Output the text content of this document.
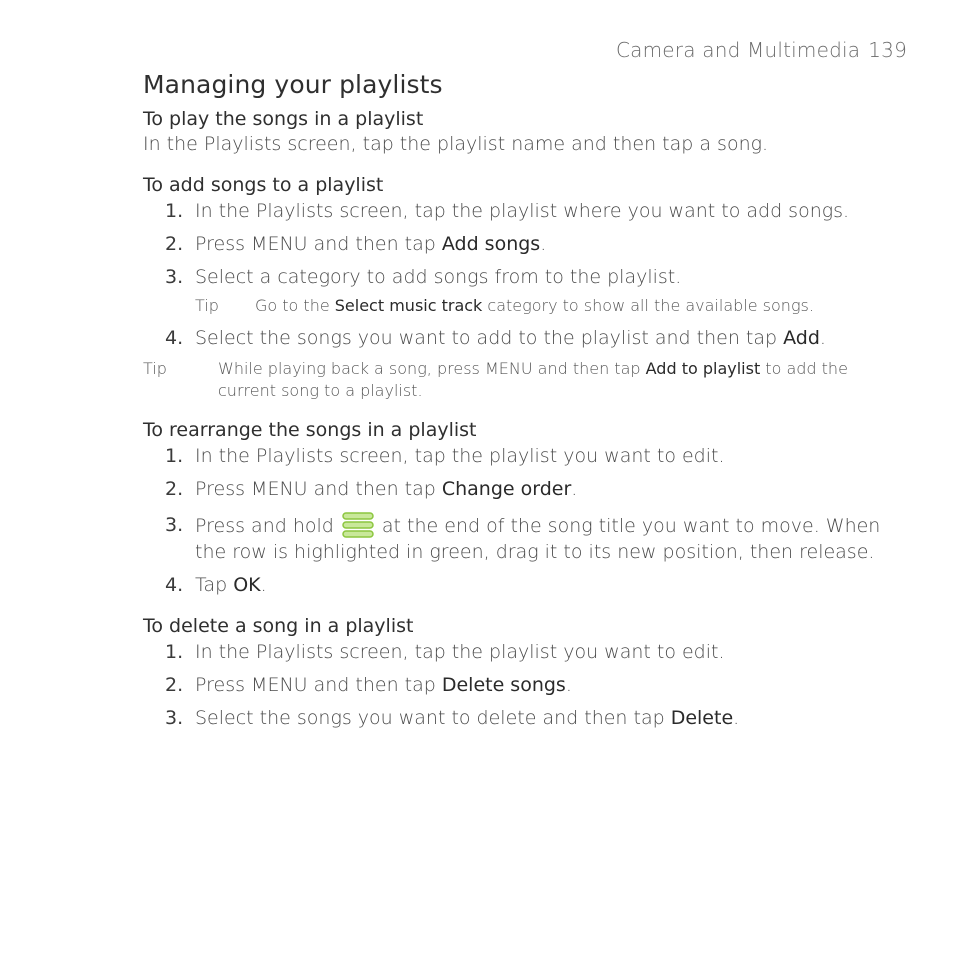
Camera and Multimedia 139
Managing your playlists
To play the songs in a playlist

In the Playlists screen, tap the playlist name and then tap a song.

To add songs to a playlist
1. In the Playlists screen, tap the playlist where you want to add songs.
2. Press MENU and then tap Add songs.
3. Select a category to add songs from to the playlist.
Tip Go to the Select music track category to show all the available songs.
4. Select the songs you want to add to the playlist and then tap Add.
Tip	While playing back a song, press MENU and then tap Add to playlist to add the current song to a playlist.
To rearrange the songs in a playlist
1. In the Playlists screen, tap the playlist you want to edit.
2. Press MENU and then tap Change order.
3. Press and hold  at the end of the song title you want to move. When the row is highlighted in green, drag it to its new position, then release.
4. Tap OK.
To delete a song in a playlist
1. In the Playlists screen, tap the playlist you want to edit.
2. Press MENU and then tap Delete songs.
3. Select the songs you want to delete and then tap Delete.
